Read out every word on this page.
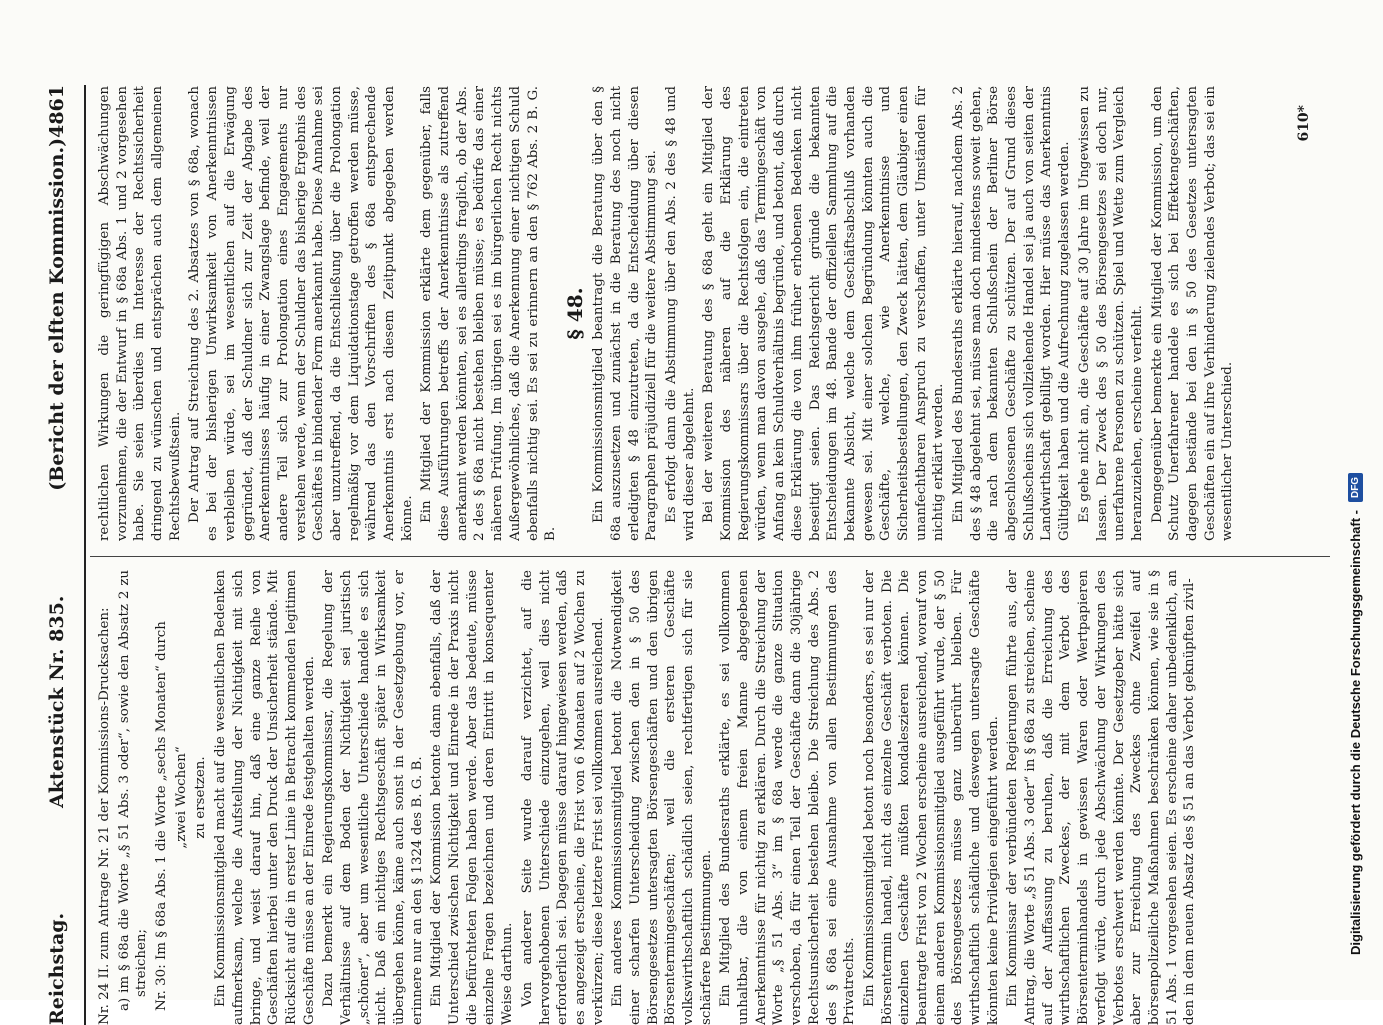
Reichstag.
Aktenstück Nr. 835.
(Bericht der elften Kommission.)
4861

Nr. 24 II. zum Antrage Nr. 21 der Kommissions-Drucksachen: a) im § 68a die Worte „§ 51 Abs. 3 oder“, sowie den Absatz 2 zu streichen; Nr. 30: Im § 68a Abs. 1 die Worte „sechs Monaten“ durch „zwei Wochen“ zu ersetzen. Ein Kommissionsmitglied macht auf die wesentlichen Bedenken aufmerksam, welche die Aufstellung der Nichtigkeit mit sich bringe, und weist darauf hin, daß eine ganze Reihe von Geschäften hierbei unter den Druck der Unsicherheit stände. Mit Rücksicht auf die in erster Linie in Betracht kommenden legitimen Geschäfte müsse an der Einrede festgehalten werden. Dazu bemerkt ein Regierungskommissar, die Regelung der Verhältnisse auf dem Boden der Nichtigkeit sei juristisch „schöner“, aber um wesentliche Unterschiede handele es sich nicht. Daß ein nichtiges Rechtsgeschäft später in Wirksamkeit übergehen könne, käme auch sonst in der Gesetzgebung vor, er erinnere nur an den § 1324 des B. G. B. Ein Mitglied der Kommission betonte dann ebenfalls, daß der Unterschied zwischen Nichtigkeit und Einrede in der Praxis nicht die befürchteten Folgen haben werde. Aber das bedeute, müsse einzelne Fragen bezeichnen und deren Eintritt in konsequenter Weise darthun. Von anderer Seite wurde darauf verzichtet, auf die hervorgehobenen Unterschiede einzugehen, weil dies nicht erforderlich sei. Dagegen müsse darauf hingewiesen werden, daß es angezeigt erscheine, die Frist von 6 Monaten auf 2 Wochen zu verkürzen; diese letztere Frist sei vollkommen ausreichend. Ein anderes Kommissionsmitglied betont die Notwendigkeit einer scharfen Unterscheidung zwischen den in § 50 des Börsengesetzes untersagten Börsengeschäften und den übrigen Börsentermingeschäften; weil die ersteren Geschäfte volkswirthschaftlich schädlich seien, rechtfertigen sich für sie schärfere Bestimmungen. Ein Mitglied des Bundesraths erklärte, es sei vollkommen unhaltbar, die von einem freien Manne abgegebenen Anerkenntnisse für nichtig zu erklären. Durch die Streichung der Worte „§ 51 Abs. 3“ im § 68a werde die ganze Situation verschoben, da für einen Teil der Geschäfte dann die 30jährige Rechtsunsicherheit bestehen bleibe. Die Streichung des Abs. 2 des § 68a sei eine Ausnahme von allen Bestimmungen des Privatrechts. Ein Kommissionsmitglied betont noch besonders, es sei nur der Börsentermin handel, nicht das einzelne Geschäft verboten. Die einzelnen Geschäfte müßten kondaleszieren können. Die beantragte Frist von 2 Wochen erscheine ausreichend, worauf von einem anderen Kommissionsmitglied ausgeführt wurde, der § 50 des Börsengesetzes müsse ganz unberührt bleiben. Für wirthschaftlich schädliche und deswegen untersagte Geschäfte könnten keine Privilegien eingeführt werden. Ein Kommissar der verbündeten Regierungen führte aus, der Antrag, die Worte „§ 51 Abs. 3 oder“ in § 68a zu streichen, scheine auf der Auffassung zu beruhen, daß die Erreichung des wirthschaftlichen Zweckes, der mit dem Verbot des Börsenterminhandels in gewissen Waren oder Wertpapieren verfolgt würde, durch jede Abschwächung der Wirkungen des Verbotes erschwert werden könnte. Der Gesetzgeber hätte sich aber zur Erreichung des Zweckes ohne Zweifel auf börsenpolizeiliche Maßnahmen beschränken können, wie sie in § 51 Abs. 1 vorgesehen seien. Es erscheine daher unbedenklich, an den in dem neuen Absatz des § 51 an das Verbot geknüpften zivil-

rechtlichen Wirkungen die geringfügigen Abschwächungen vorzunehmen, die der Entwurf in § 68a Abs. 1 und 2 vorgesehen habe. Sie seien überdies im Interesse der Rechtssicherheit dringend zu wünschen und entsprächen auch dem allgemeinen Rechtsbewußtsein. Der Antrag auf Streichung des 2. Absatzes von § 68a, wonach es bei der bisherigen Unwirksamkeit von Anerkenntnissen verbleiben würde, sei im wesentlichen auf die Erwägung gegründet, daß der Schuldner sich zur Zeit der Abgabe des Anerkenntnisses häufig in einer Zwangslage befinde, weil der andere Teil sich zur Prolongation eines Engagements nur verstehen werde, wenn der Schuldner das bisherige Ergebnis des Geschäftes in bindender Form anerkannt habe. Diese Annahme sei aber unzutreffend, da die Entschließung über die Prolongation regelmäßig vor dem Liquidationstage getroffen werden müsse, während das den Vorschriften des § 68a entsprechende Anerkenntnis erst nach diesem Zeitpunkt abgegeben werden könne. Ein Mitglied der Kommission erklärte dem gegenüber, falls diese Ausführungen betreffs der Anerkenntnisse als zutreffend anerkannt werden könnten, sei es allerdings fraglich, ob der Abs. 2 des § 68a nicht bestehen bleiben müsse; es bedürfe das einer näheren Prüfung. Im übrigen sei es im bürgerlichen Recht nichts Außergewöhnliches, daß die Anerkennung einer nichtigen Schuld ebenfalls nichtig sei. Es sei zu erinnern an den § 762 Abs. 2 B. G. B.

§ 48. Ein Kommissionsmitglied beantragt die Beratung über den § 68a auszusetzen und zunächst in die Beratung des noch nicht erledigten § 48 einzutreten, da die Entscheidung über diesen Paragraphen präjudiziell für die weitere Abstimmung sei. Es erfolgt dann die Abstimmung über den Abs. 2 des § 48 und wird dieser abgelehnt. Bei der weiteren Beratung des § 68a geht ein Mitglied der Kommission des näheren auf die Erklärung des Regierungskommissars über die Rechtsfolgen ein, die eintreten würden, wenn man davon ausgehe, daß das Termingeschäft von Anfang an kein Schuldverhältnis begründe, und betont, daß durch diese Erklärung die von ihm früher erhobenen Bedenken nicht beseitigt seien. Das Reichsgericht gründe die bekannten Entscheidungen im 48. Bande der offiziellen Sammlung auf die bekannte Absicht, welche dem Geschäftsabschluß vorhanden gewesen sei. Mit einer solchen Begründung könnten auch die Geschäfte, welche, wie Anerkenntnisse und Sicherheitsbestellungen, den Zweck hätten, dem Gläubiger einen unanfechtbaren Anspruch zu verschaffen, unter Umständen für nichtig erklärt werden. Ein Mitglied des Bundesraths erklärte hierauf, nachdem Abs. 2 des § 48 abgelehnt sei, müsse man doch mindestens soweit gehen, die nach dem bekannten Schlußschein der Berliner Börse abgeschlossenen Geschäfte zu schützen. Der auf Grund dieses Schlußscheins sich vollziehende Handel sei ja auch von seiten der Landwirthschaft gebilligt worden. Hier müsse das Anerkenntnis Gültigkeit haben und die Aufrechnung zugelassen werden. Es gehe nicht an, die Geschäfte auf 30 Jahre im Ungewissen zu lassen. Der Zweck des § 50 des Börsengesetzes sei doch nur, unerfahrene Personen zu schützen. Spiel und Wette zum Vergleich heranzuziehen, erscheine verfehlt. Demgegenüber bemerkte ein Mitglied der Kommission, um den Schutz Unerfahrener handele es sich bei Effektengeschäften, dagegen bestände bei den in § 50 des Gesetzes untersagten Geschäften ein auf ihre Verhinderung zielendes Verbot; das sei ein wesentlicher Unterschied.

610*
Digitalisierung gefördert durch die Deutsche Forschungsgemeinschaft -
DFG
